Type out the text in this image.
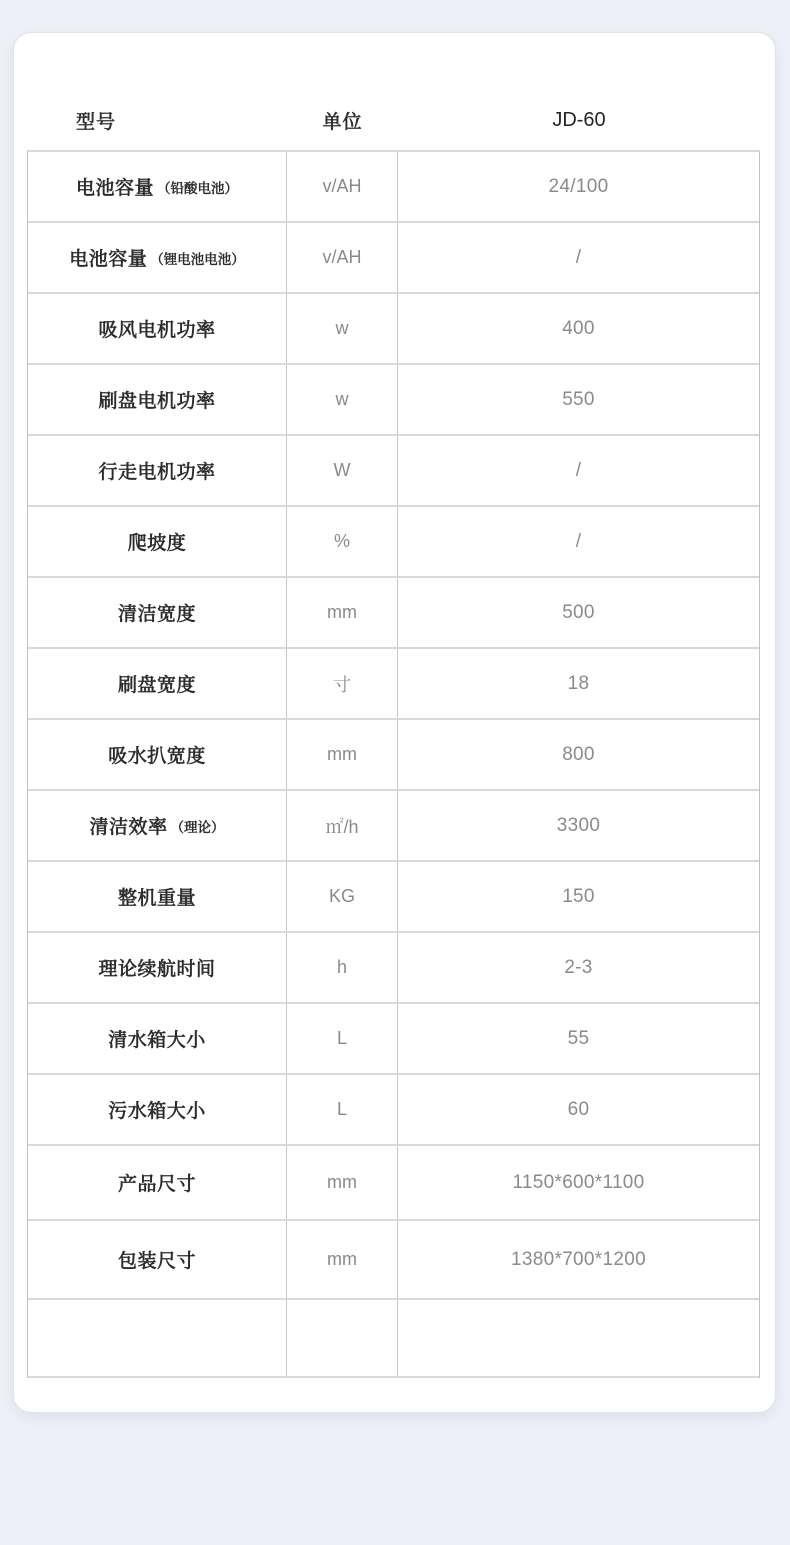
型号	单位	JD-60
电池容量 （铅酸电池）	v/AH	24/100
电池容量 （锂电池电池）	v/AH	/
吸风电机功率	w	400
刷盘电机功率	w	550
行走电机功率	W	/
爬坡度	%	/
清洁宽度	mm	500
刷盘宽度	寸	18
吸水扒宽度	mm	800
清洁效率 （理论）	㎡/h	3300
整机重量	KG	150
理论续航时间	h	2-3
清水箱大小	L	55
污水箱大小	L	60
产品尺寸	mm	1150*600*1100
包装尺寸	mm	1380*700*1200
